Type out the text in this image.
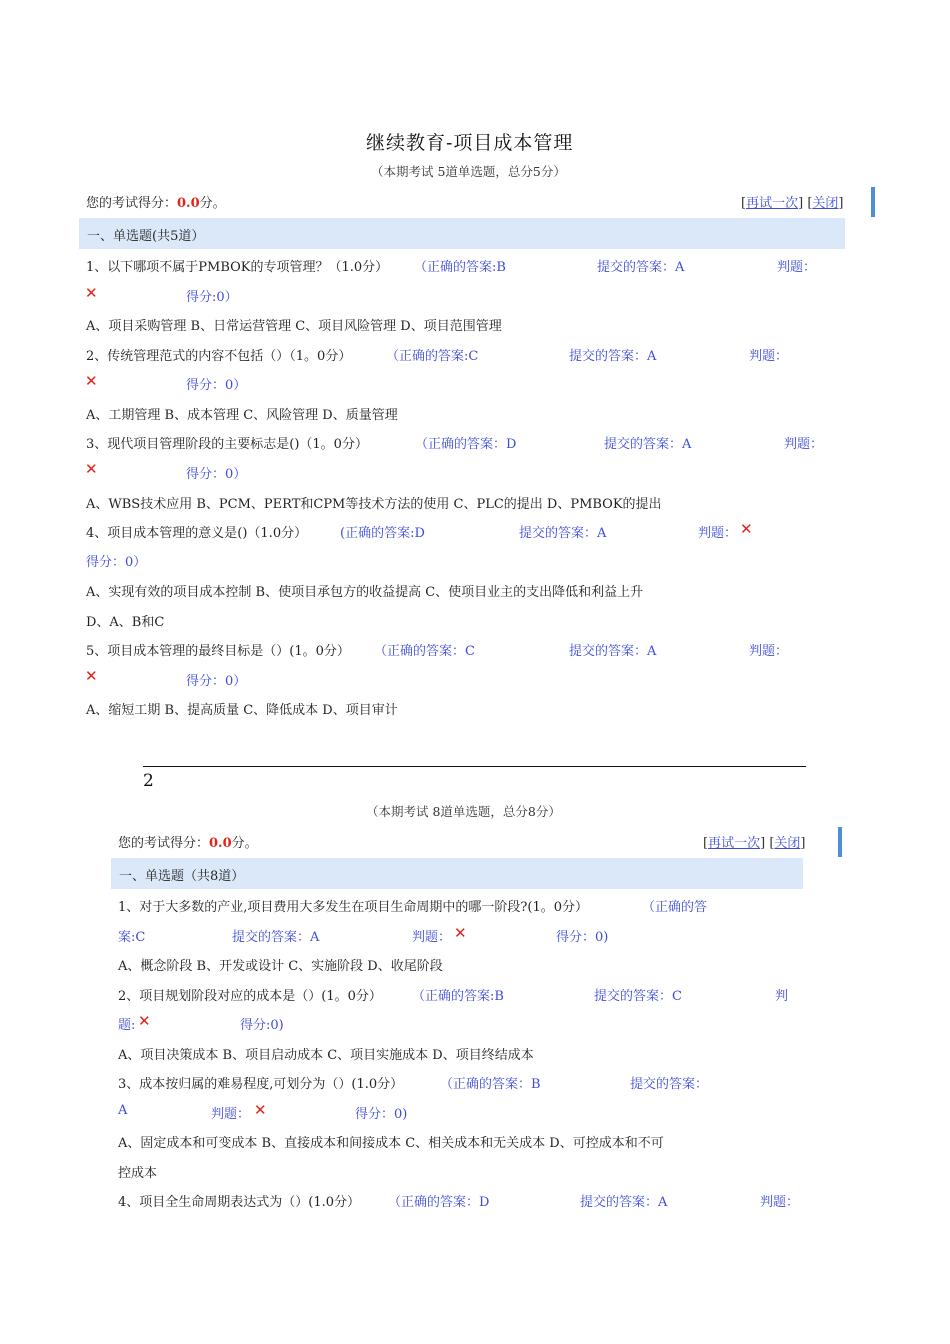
继续教育-项目成本管理
（本期考试 5道单选题，总分5分）
您的考试得分：0.0分。	[再试一次] [关闭]
一、单选题(共5道）
1、以下哪项不属于PMBOK的专项管理？（1.0分） （正确的答案:B	提交的答案：A	判题：
✕	得分:0）
A、项目采购管理 B、日常运营管理 C、项目风险管理 D、项目范围管理
2、传统管理范式的内容不包括（）（1。0分）	（正确的答案:C	提交的答案：A	判题：
✕	得分：0）
A、工期管理 B、成本管理 C、风险管理 D、质量管理
3、现代项目管理阶段的主要标志是()（1。0分）	（正确的答案：D	提交的答案：A	判题：
✕	得分：0）
A、WBS技术应用 B、PCM、PERT和CPM等技术方法的使用 C、PLC的提出 D、PMBOK的提出
4、项目成本管理的意义是()（1.0分）	(正确的答案:D	提交的答案：A	判题： ✕
得分：0）
A、实现有效的项目成本控制 B、使项目承包方的收益提高 C、使项目业主的支出降低和利益上升
D、A、B和C
5、项目成本管理的最终目标是（）(1。0分） （正确的答案：C	提交的答案：A	判题：
✕	得分：0）
A、缩短工期 B、提高质量 C、降低成本 D、项目审计
2
（本期考试 8道单选题，总分8分）
您的考试得分：0.0分。	[再试一次] [关闭]
一、单选题（共8道）
1、对于大多数的产业,项目费用大多发生在项目生命周期中的哪一阶段?(1。0分）	（正确的答
案:C	提交的答案：A	判题： ✕	得分：0)
A、概念阶段 B、开发或设计 C、实施阶段 D、收尾阶段
2、项目规划阶段对应的成本是（）(1。0分） （正确的答案:B	提交的答案：C	判
题: ✕	得分:0)
A、项目决策成本 B、项目启动成本 C、项目实施成本 D、项目终结成本
3、成本按归属的难易程度,可划分为（）(1.0分）	（正确的答案：B	提交的答案：
A	判题： ✕	得分：0)
A、固定成本和可变成本 B、直接成本和间接成本 C、相关成本和无关成本 D、可控成本和不可
控成本
4、项目全生命周期表达式为（）(1.0分） （正确的答案：D	提交的答案：A	判题：
